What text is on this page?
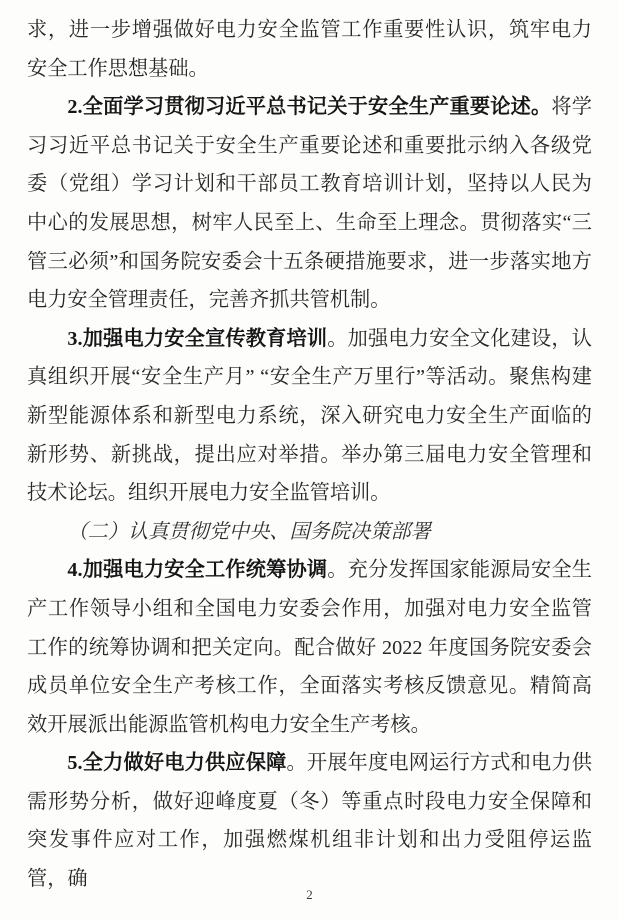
求，进一步增强做好电力安全监管工作重要性认识，筑牢电力安全工作思想基础。

2.全面学习贯彻习近平总书记关于安全生产重要论述。将学习习近平总书记关于安全生产重要论述和重要批示纳入各级党委（党组）学习计划和干部员工教育培训计划，坚持以人民为中心的发展思想，树牢人民至上、生命至上理念。贯彻落实“三管三必须”和国务院安委会十五条硬措施要求，进一步落实地方电力安全管理责任，完善齐抓共管机制。

3.加强电力安全宣传教育培训。加强电力安全文化建设，认真组织开展“安全生产月” “安全生产万里行”等活动。聚焦构建新型能源体系和新型电力系统，深入研究电力安全生产面临的新形势、新挑战，提出应对举措。举办第三届电力安全管理和技术论坛。组织开展电力安全监管培训。

（二）认真贯彻党中央、国务院决策部署

4.加强电力安全工作统筹协调。充分发挥国家能源局安全生产工作领导小组和全国电力安委会作用，加强对电力安全监管工作的统筹协调和把关定向。配合做好 2022 年度国务院安委会成员单位安全生产考核工作，全面落实考核反馈意见。精简高效开展派出能源监管机构电力安全生产考核。

5.全力做好电力供应保障。开展年度电网运行方式和电力供需形势分析，做好迎峰度夏（冬）等重点时段电力安全保障和突发事件应对工作，加强燃煤机组非计划和出力受阻停运监管，确

2
